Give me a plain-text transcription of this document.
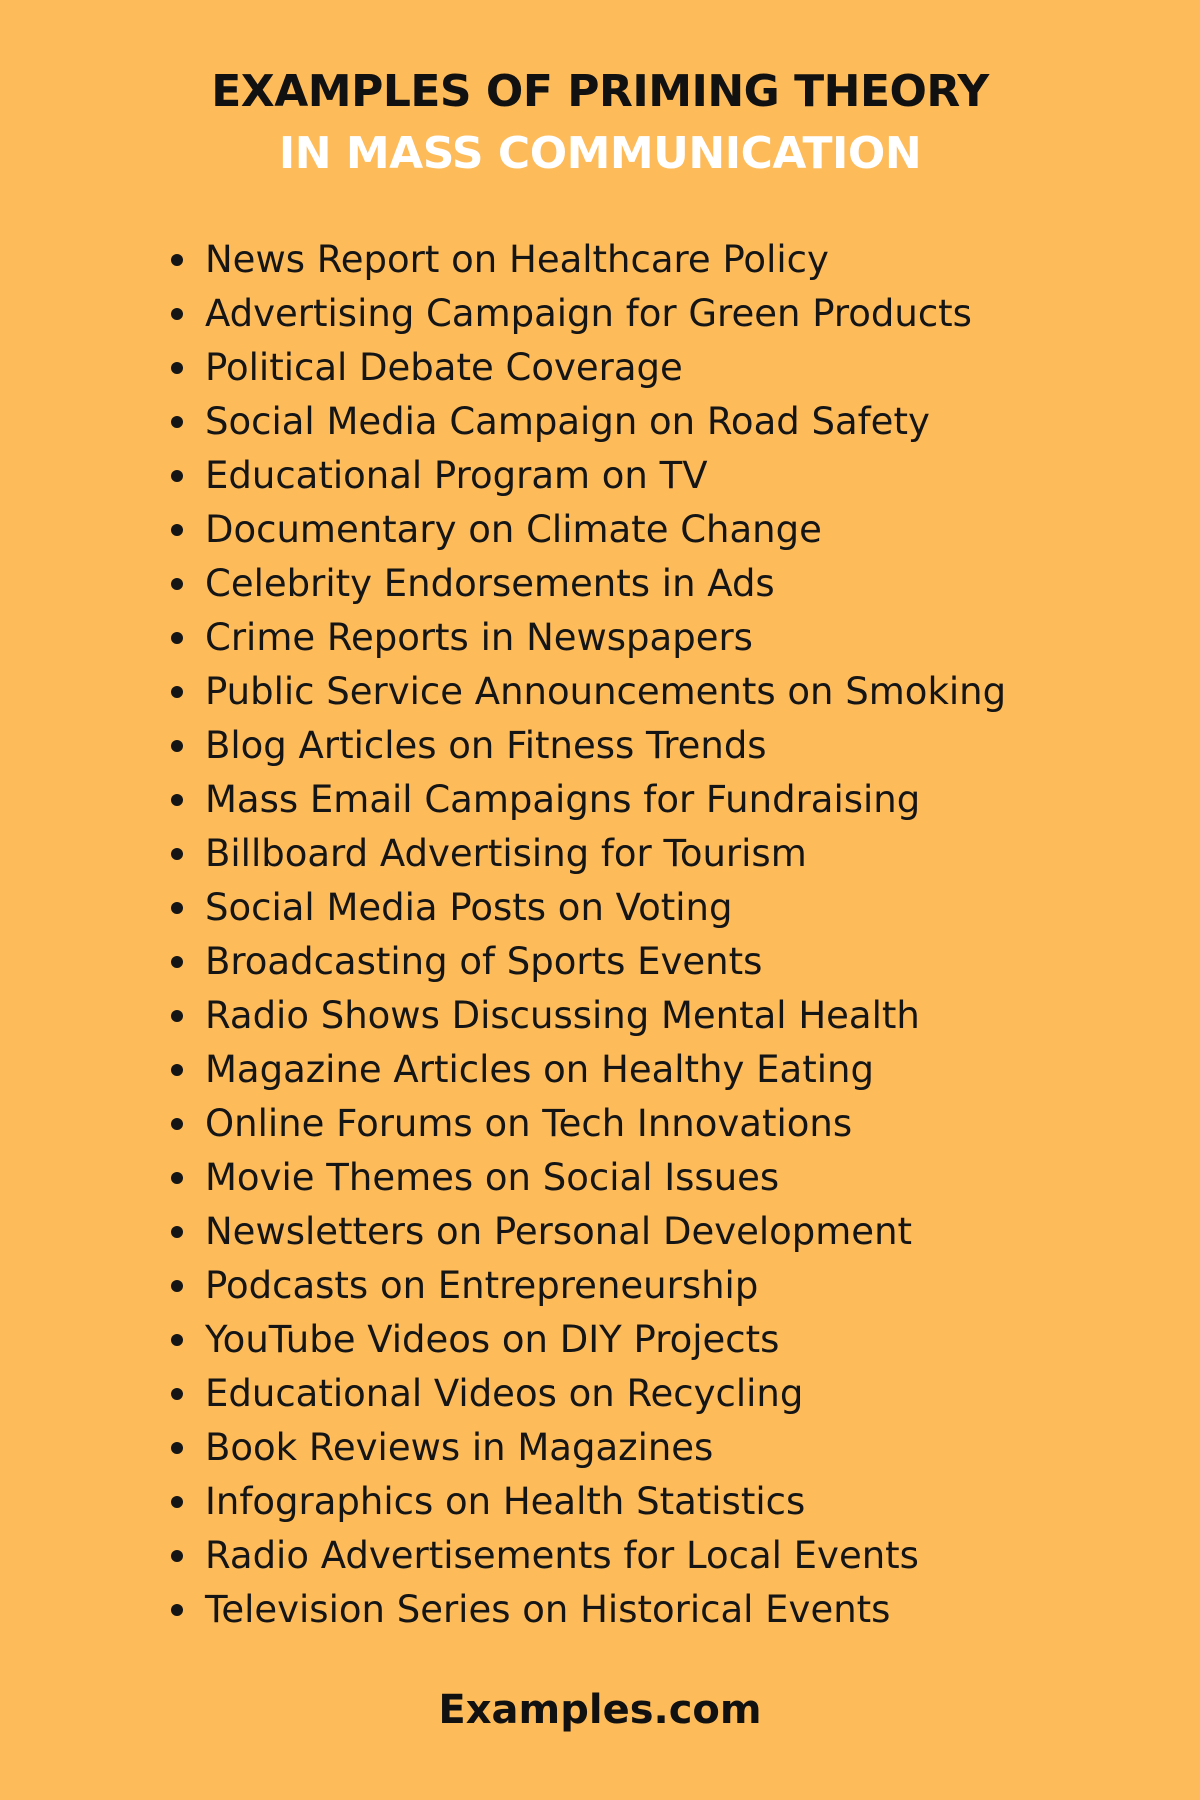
EXAMPLES OF PRIMING THEORY
IN MASS COMMUNICATION
News Report on Healthcare Policy
Advertising Campaign for Green Products
Political Debate Coverage
Social Media Campaign on Road Safety
Educational Program on TV
Documentary on Climate Change
Celebrity Endorsements in Ads
Crime Reports in Newspapers
Public Service Announcements on Smoking
Blog Articles on Fitness Trends
Mass Email Campaigns for Fundraising
Billboard Advertising for Tourism
Social Media Posts on Voting
Broadcasting of Sports Events
Radio Shows Discussing Mental Health
Magazine Articles on Healthy Eating
Online Forums on Tech Innovations
Movie Themes on Social Issues
Newsletters on Personal Development
Podcasts on Entrepreneurship
YouTube Videos on DIY Projects
Educational Videos on Recycling
Book Reviews in Magazines
Infographics on Health Statistics
Radio Advertisements for Local Events
Television Series on Historical Events
Examples.com
